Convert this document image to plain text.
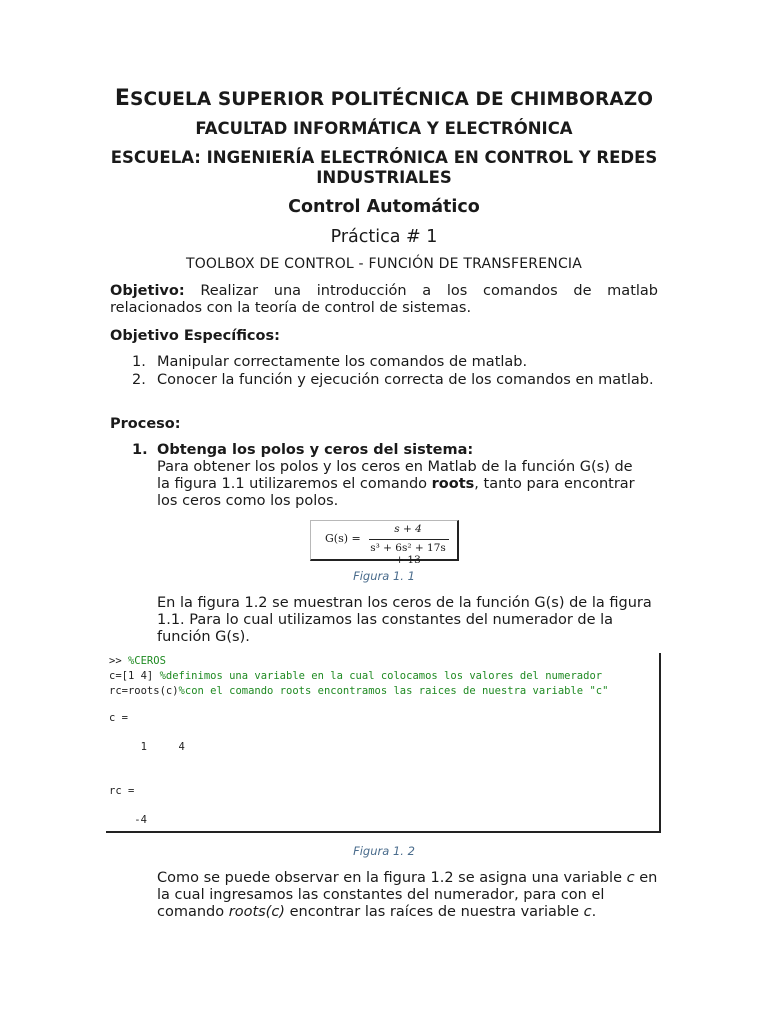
ESCUELA SUPERIOR POLITÉCNICA DE CHIMBORAZO
FACULTAD INFORMÁTICA Y ELECTRÓNICA
ESCUELA: INGENIERÍA ELECTRÓNICA EN CONTROL Y REDES INDUSTRIALES
Control Automático
Práctica # 1
TOOLBOX DE CONTROL - FUNCIÓN DE TRANSFERENCIA
Objetivo: Realizar una introducción a los comandos de matlab relacionados con la teoría de control de sistemas.
Objetivo Específicos:
1. Manipular correctamente los comandos de matlab.
2. Conocer la función y ejecución correcta de los comandos en matlab.
Proceso:
1. Obtenga los polos y ceros del sistema:
Para obtener los polos y los ceros en Matlab de la función G(s) de la figura 1.1 utilizaremos el comando roots, tanto para encontrar los ceros como los polos.
G(s) =
s + 4
s³ + 6s² + 17s + 13
Figura 1. 1
En la figura 1.2 se muestran los ceros de la función G(s) de la figura 1.1. Para lo cual utilizamos las constantes del numerador de la función G(s).
>> %CEROS
c=[1 4] %definimos una variable en la cual colocamos los valores del numerador
rc=roots(c)%con el comando roots encontramos las raices de nuestra variable "c"
c =
1     4
rc =
-4
Figura 1. 2
Como se puede observar en la figura 1.2 se asigna una variable c en la cual ingresamos las constantes del numerador, para con el comando roots(c) encontrar las raíces de nuestra variable c.
